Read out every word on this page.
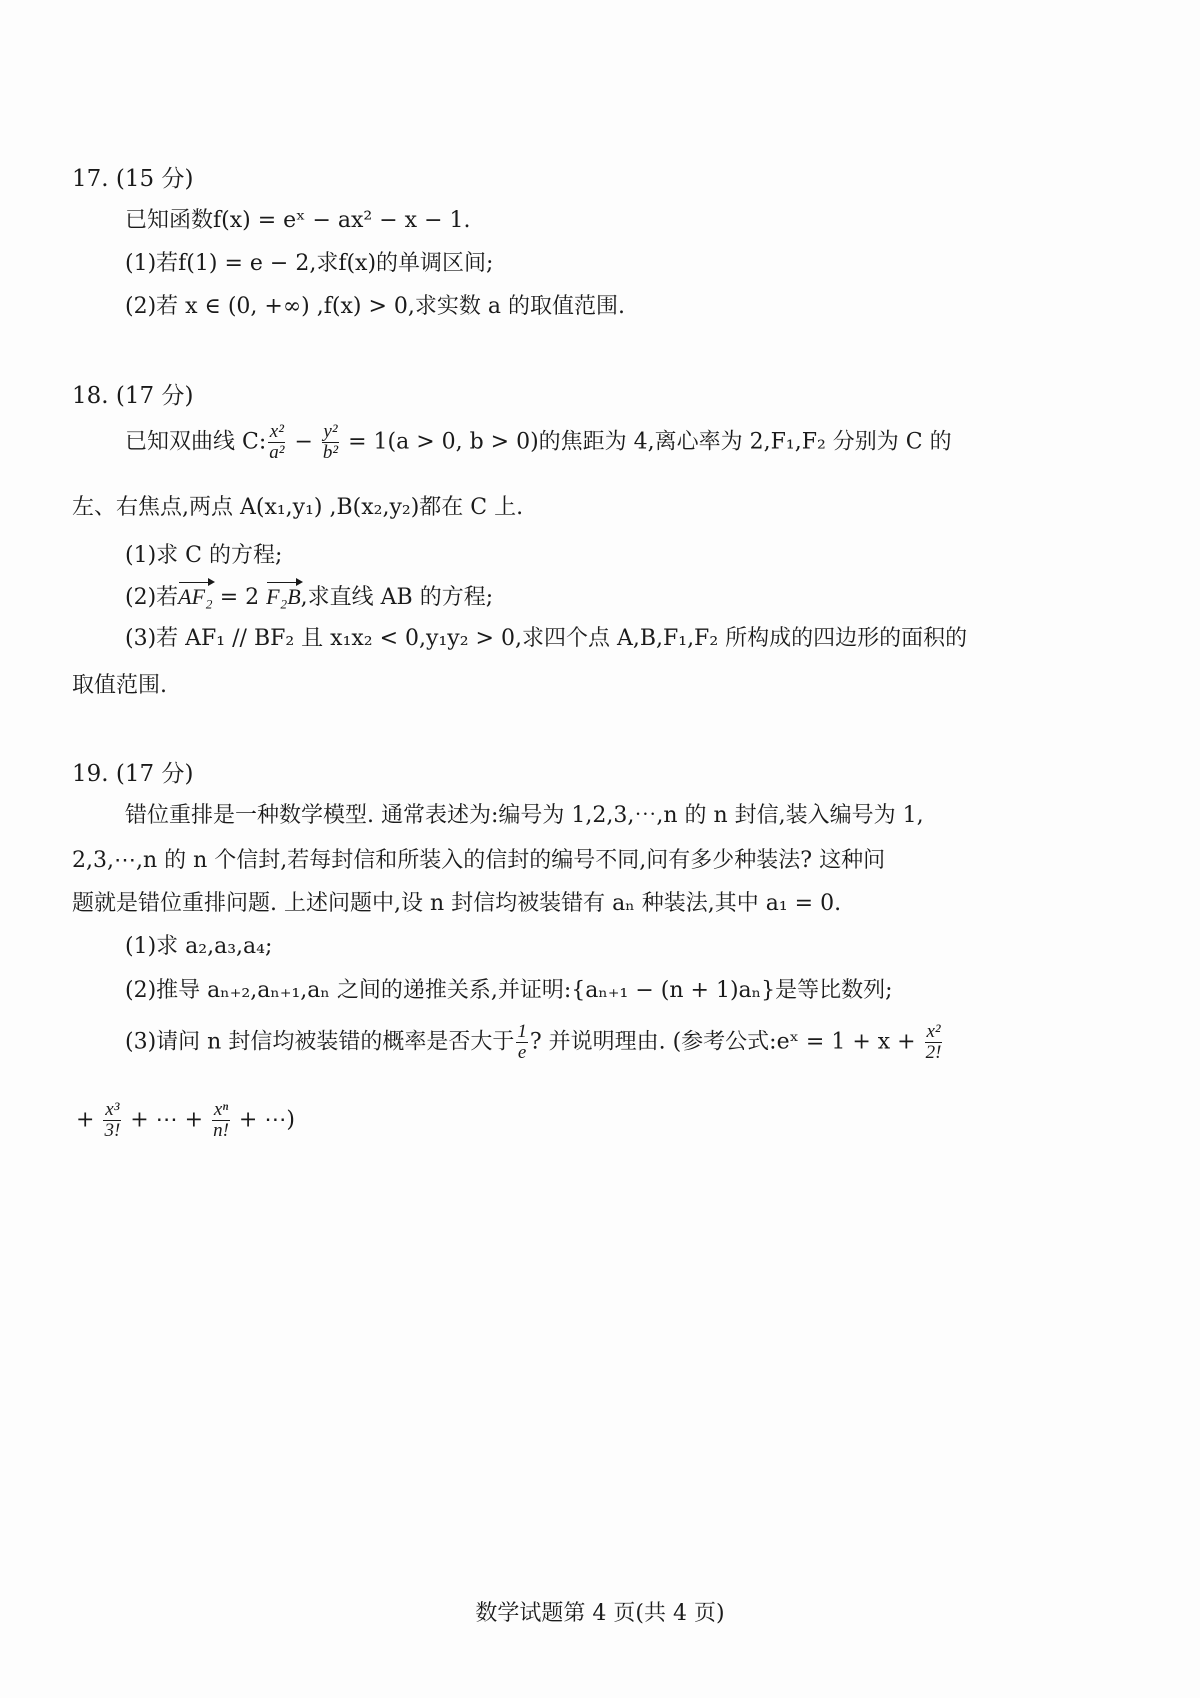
17. (15 分)
已知函数f(x) = eˣ − ax² − x − 1.
(1)若f(1) = e − 2,求f(x)的单调区间;
(2)若 x ∈ (0, +∞) ,f(x) > 0,求实数 a 的取值范围.
18. (17 分)
已知双曲线 C: $\frac{\text{x²}}{\text{a²}} - \frac{\text{y²}}{\text{b²}} = 1(a > 0$, b > 0)的焦距为 4,离心率为 2,F₁,F₂ 分别为 C 的
左、右焦点,两点 A(x₁,y₁) ,B(x₂,y₂)都在 C 上.
(1)求 C 的方程;
(2)若AF₂ = 2 F₂B,求直线 AB 的方程;
(3)若 AF₁ // BF₂ 且 x₁x₂ < 0,y₁y₂ > 0,求四个点 A,B,F₁,F₂ 所构成的四边形的面积的
取值范围.
19. (17 分)
错位重排是一种数学模型. 通常表述为:编号为 1,2,3,⋯,n 的 n 封信,装入编号为 1,
2,3,⋯,n 的 n 个信封,若每封信和所装入的信封的编号不同,问有多少种装法? 这种问
题就是错位重排问题. 上述问题中,设 n 封信均被装错有 aₙ 种装法,其中 a₁ = 0.
(1)求 a₂,a₃,a₄;
(2)推导 aₙ₊₂,aₙ₊₁,aₙ 之间的递推关系,并证明:{aₙ₊₁ − (n + 1)aₙ}是等比数列;
(3)请问 n 封信均被装错的概率是否大于 $\frac{1}{e}$ ? 并说明理由. (参考公式:eˣ = $1 + x + \frac{\text{x²}}{2!}$
+ $\frac{\text{x³}}{3!}$ + ⋯ + $\frac{\text{xⁿ}}{n!}$ + ⋯)
数学试题第 4 页(共 4 页)
